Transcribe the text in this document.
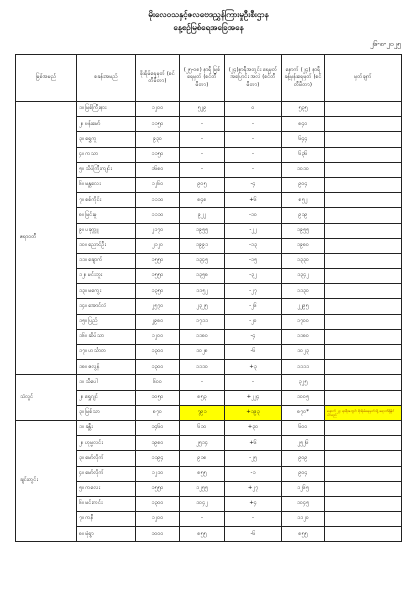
မိုးလေဝသနှင့်ဇလဗေဒညွှန်ကြားမှုဦးစီးဌာန
နေ့စဉ်မြစ်ရေအခြေအနေ
၂၆-၈-၂၀၂၅
မြစ်အမည်	စခန်းအမည်	စိုးရိမ်ရေမှတ် (စင်တီမီတာ)	(၂၅-၀၈) နာရီ မြစ်ရေမှတ် (စင်တီမီတာ)	(၂၄)နာရီအတွင်း ရေမှတ်အပြောင်း အလဲ (စင်တီမီတာ)	နောက် (၂၄) နာရီ ခန့်မှန်းရေမှတ် (စင်တီမီတာ)	မှတ်ချက်
ဧရာဝတီ	၁။ မြစ်ကြီးနား	၁၂၀၀	၅၂၉	၀	၅၃၅	
	၂။ ဗန်းမော်	၁၁၅၀	-	-	၈၄၀	
	၃။ ရွှေကူ	၉၃၀	-	-	၆၄၄	
	၄။ ကသာ	၁၁၅၀	-	-	၆၃၆	
	၅။ သိပ်ကြီးကျင်း	၁၆၈၀	-	-	၁၀၁၀	
	၆။ မန္တလေး	၁၂၆၀	၉၀၅	-၄	၉၀၄	
	၇။ စစ်ကိုင်း	၁၁၁၀	၈၄၈	+၆	၈၅၂	
	၈။ မြင်းမူ	၁၁၁၀	၉၂၂	-၁၀	၉၁၉	
	၉။ ပခုက္ကူ	၂၁၇၀	၁၉၅၅	-၂၂	၁၉၅၅	
	၁၀။ ညောင်ဦး	၂၁၂၀	၁၉၉၁	-၁၃	၁၉၈၀	
	၁၁။ ချောက်	၁၅၅၀	၁၃၄၅	-၁၅	၁၃၃၀	
	၁၂။ မင်းဘူး	၁၅၅၀	၁၃၅၈	-၃၂	၁၃၄၂	
	၁၃။ မကွေး	၁၃၅၀	၁၁၅၂	-၂၇	၁၁၃၀	
	၁၄။ အောင်လံ	၂၅၇၀	၂၃၂၅	-၂၆	၂၂၉၅	
	၁၅။ ပြည်	၂၉၈၀	၁၇၁၁	-၂၀	၁၇၀၀	
	၁၆။ ဆိပ်သာ	၁၂၀၀	၁၁၈၀	-၄	၁၁၈၀	
	၁၇။ ဟင်္သာတ	၁၃၀၀	၁၀၂၈	-၆	၁၀၂၃	
	၁၈။ ဇလွန်	၁၃၀၀	၁၁၁၀	+၃	၁၁၁၁	
သံလွင်	၁။ သီပေါ	၆၀၀	-	-	၃၂၅	
	၂။ ရွှေဂျင်	၁၀၅၀	၈၅၃	+၂၂၄	၁၀၀၅	
	၃။ မြစ်သာ	၈၇၀	၇၉၁	+၁၉၃	၈၇၀*	နောက် ၂၄ နာရီအတွင်း စိုးရိမ်ရေမှတ်သို့ ရောက်ရှိနိုင်ပါသည်
ချင်းတွင်း	၁။ ခန္တီး	၁၄၆၀	၆၁၀	+၃၀	၆၀၀	
	၂။ ဟုမ္မလင်း	၁၉၈၀	၂၅၁၄	+၆	၂၅၂၆	
	၃။ မော်လိုက်	၁၁၉၄	၉၁၈	-၂၅	၉၀၉	
	၄။ မော်လိုက်	၁၂၁၀	၈၅၅	-၁	၉၀၄	
	၅။ ကလေး	၁၅၅၀	၁၂၅၅	+၂၇	၁၂၆၅	
	၆။ မင်းကင်း	၁၃၀၀	၁၀၄၂	+၄	၁၀၄၅	
	၇။ ကနီ	၁၂၀၀	-	-	၁၁၂၀	
	၈။ မုံရွာ	၁၀၀၀	၈၅၅	-၆	၈၅၅	
